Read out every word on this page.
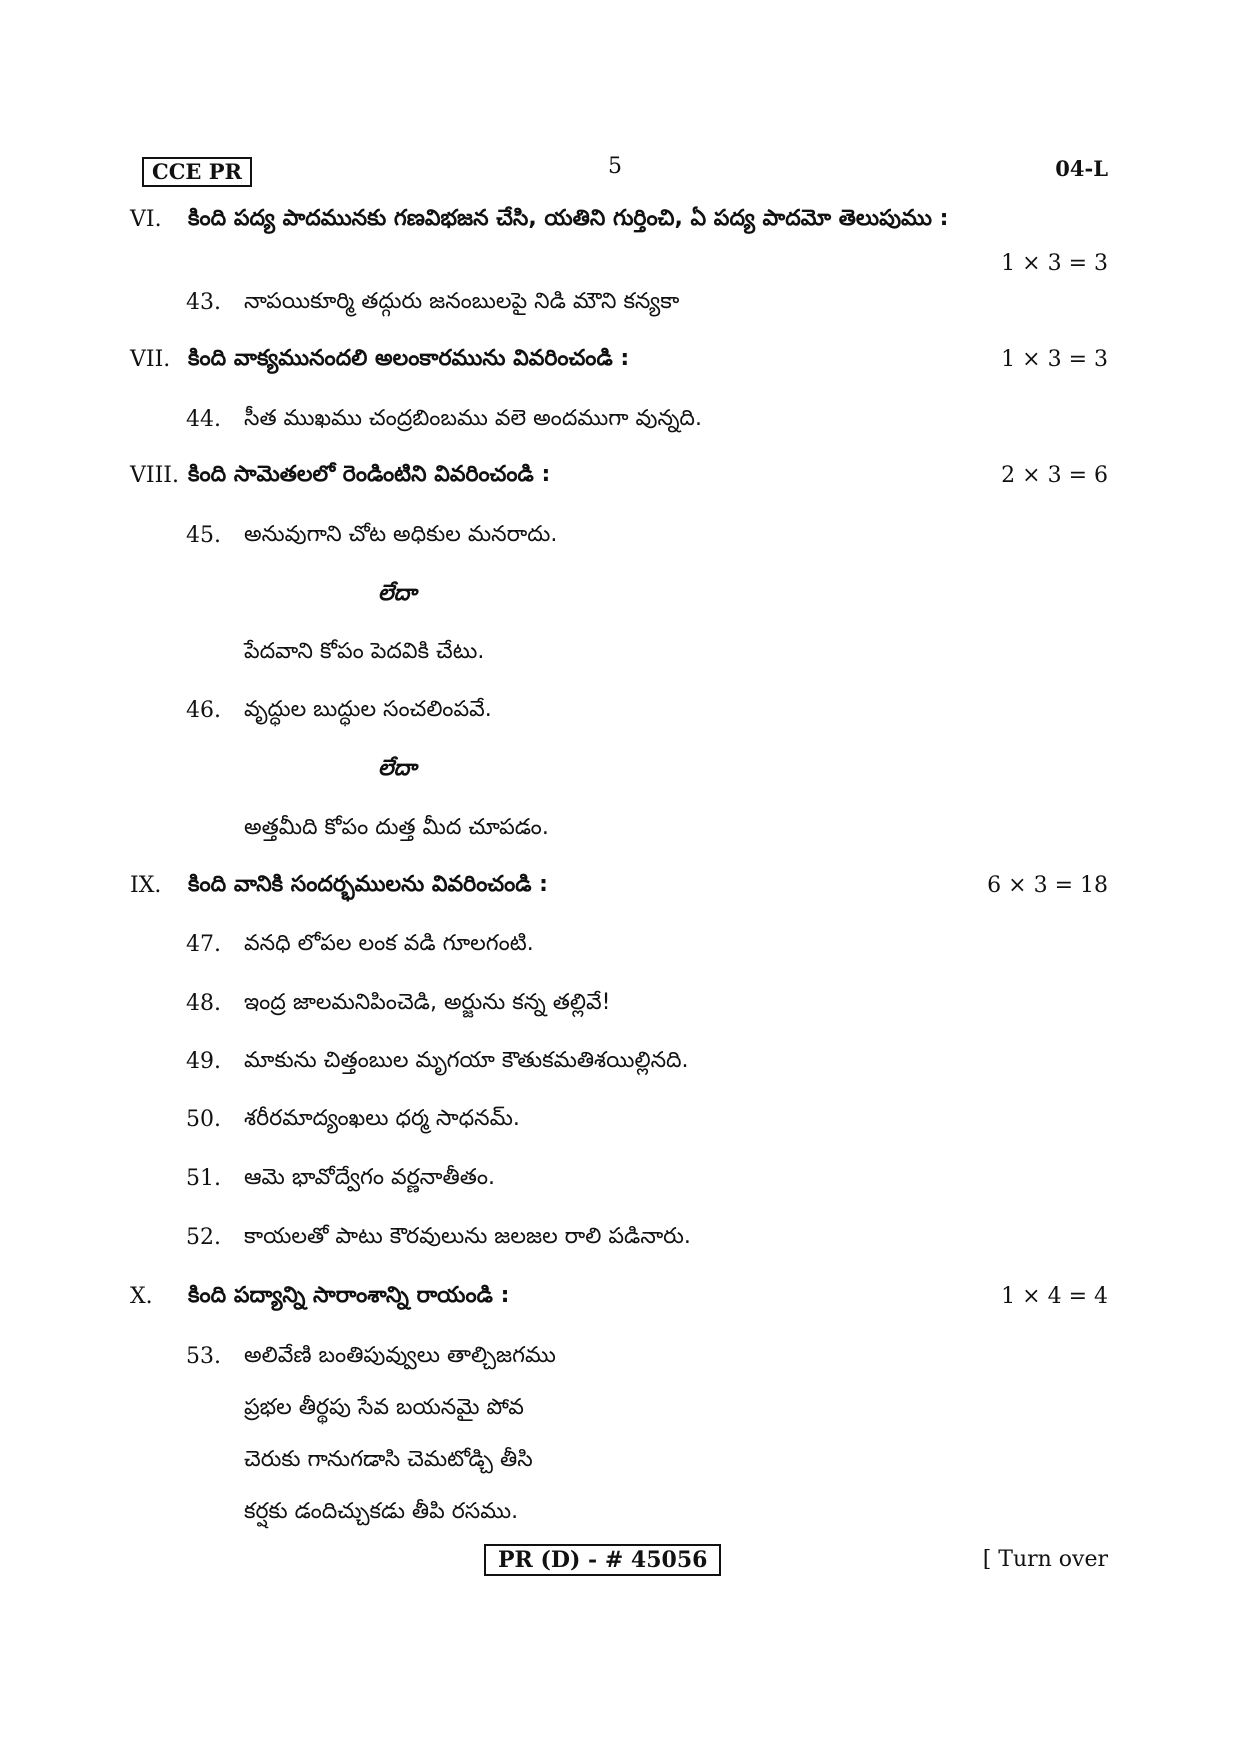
CCE PR	5	04-L
VI. కింది పద్య పాదమునకు గణవిభజన చేసి, యతిని గుర్తించి, ఏ పద్య పాదమో తెలుపుము :
1 × 3 = 3
43. నాపయికూర్మి తద్గురు జనంబులపై నిడి మౌని కన్యకా
VII. కింది వాక్యమునందలి అలంకారమును వివరించండి :	1 × 3 = 3
44. సీత ముఖము చంద్రబింబము వలె అందముగా వున్నది.
VIII. కింది సామెతలలో రెండింటిని వివరించండి :	2 × 3 = 6
45. అనువుగాని చోట అధికుల మనరాదు.
లేదా
పేదవాని కోపం పెదవికి చేటు.
46. వృద్ధుల బుద్ధుల సంచలింపవే.
లేదా
అత్తమీది కోపం దుత్త మీద చూపడం.
IX. కింది వానికి సందర్భములను వివరించండి :	6 × 3 = 18
47. వనధి లోపల లంక వడి గూలగంటి.
48. ఇంద్ర జాలమనిపించెడి, అర్జును కన్న తల్లివే!
49. మాకును చిత్తంబుల మృగయా కౌతుకమతిశయిల్లినది.
50. శరీరమాద్యంఖలు ధర్మ సాధనమ్.
51. ఆమె భావోద్వేగం వర్ణనాతీతం.
52. కాయలతో పాటు కౌరవులును జలజల రాలి పడినారు.
X. కింది పద్యాన్ని సారాంశాన్ని రాయండి :	1 × 4 = 4
53. అలివేణి బంతిపువ్వులు తాల్చిజగము
ప్రభల తీర్థపు సేవ బయనమై పోవ
చెరుకు గానుగడాసి చెమటోడ్చి తీసి
కర్షకు డందిచ్చుకడు తీపి రసము.
PR (D) - # 45056	[ Turn over
